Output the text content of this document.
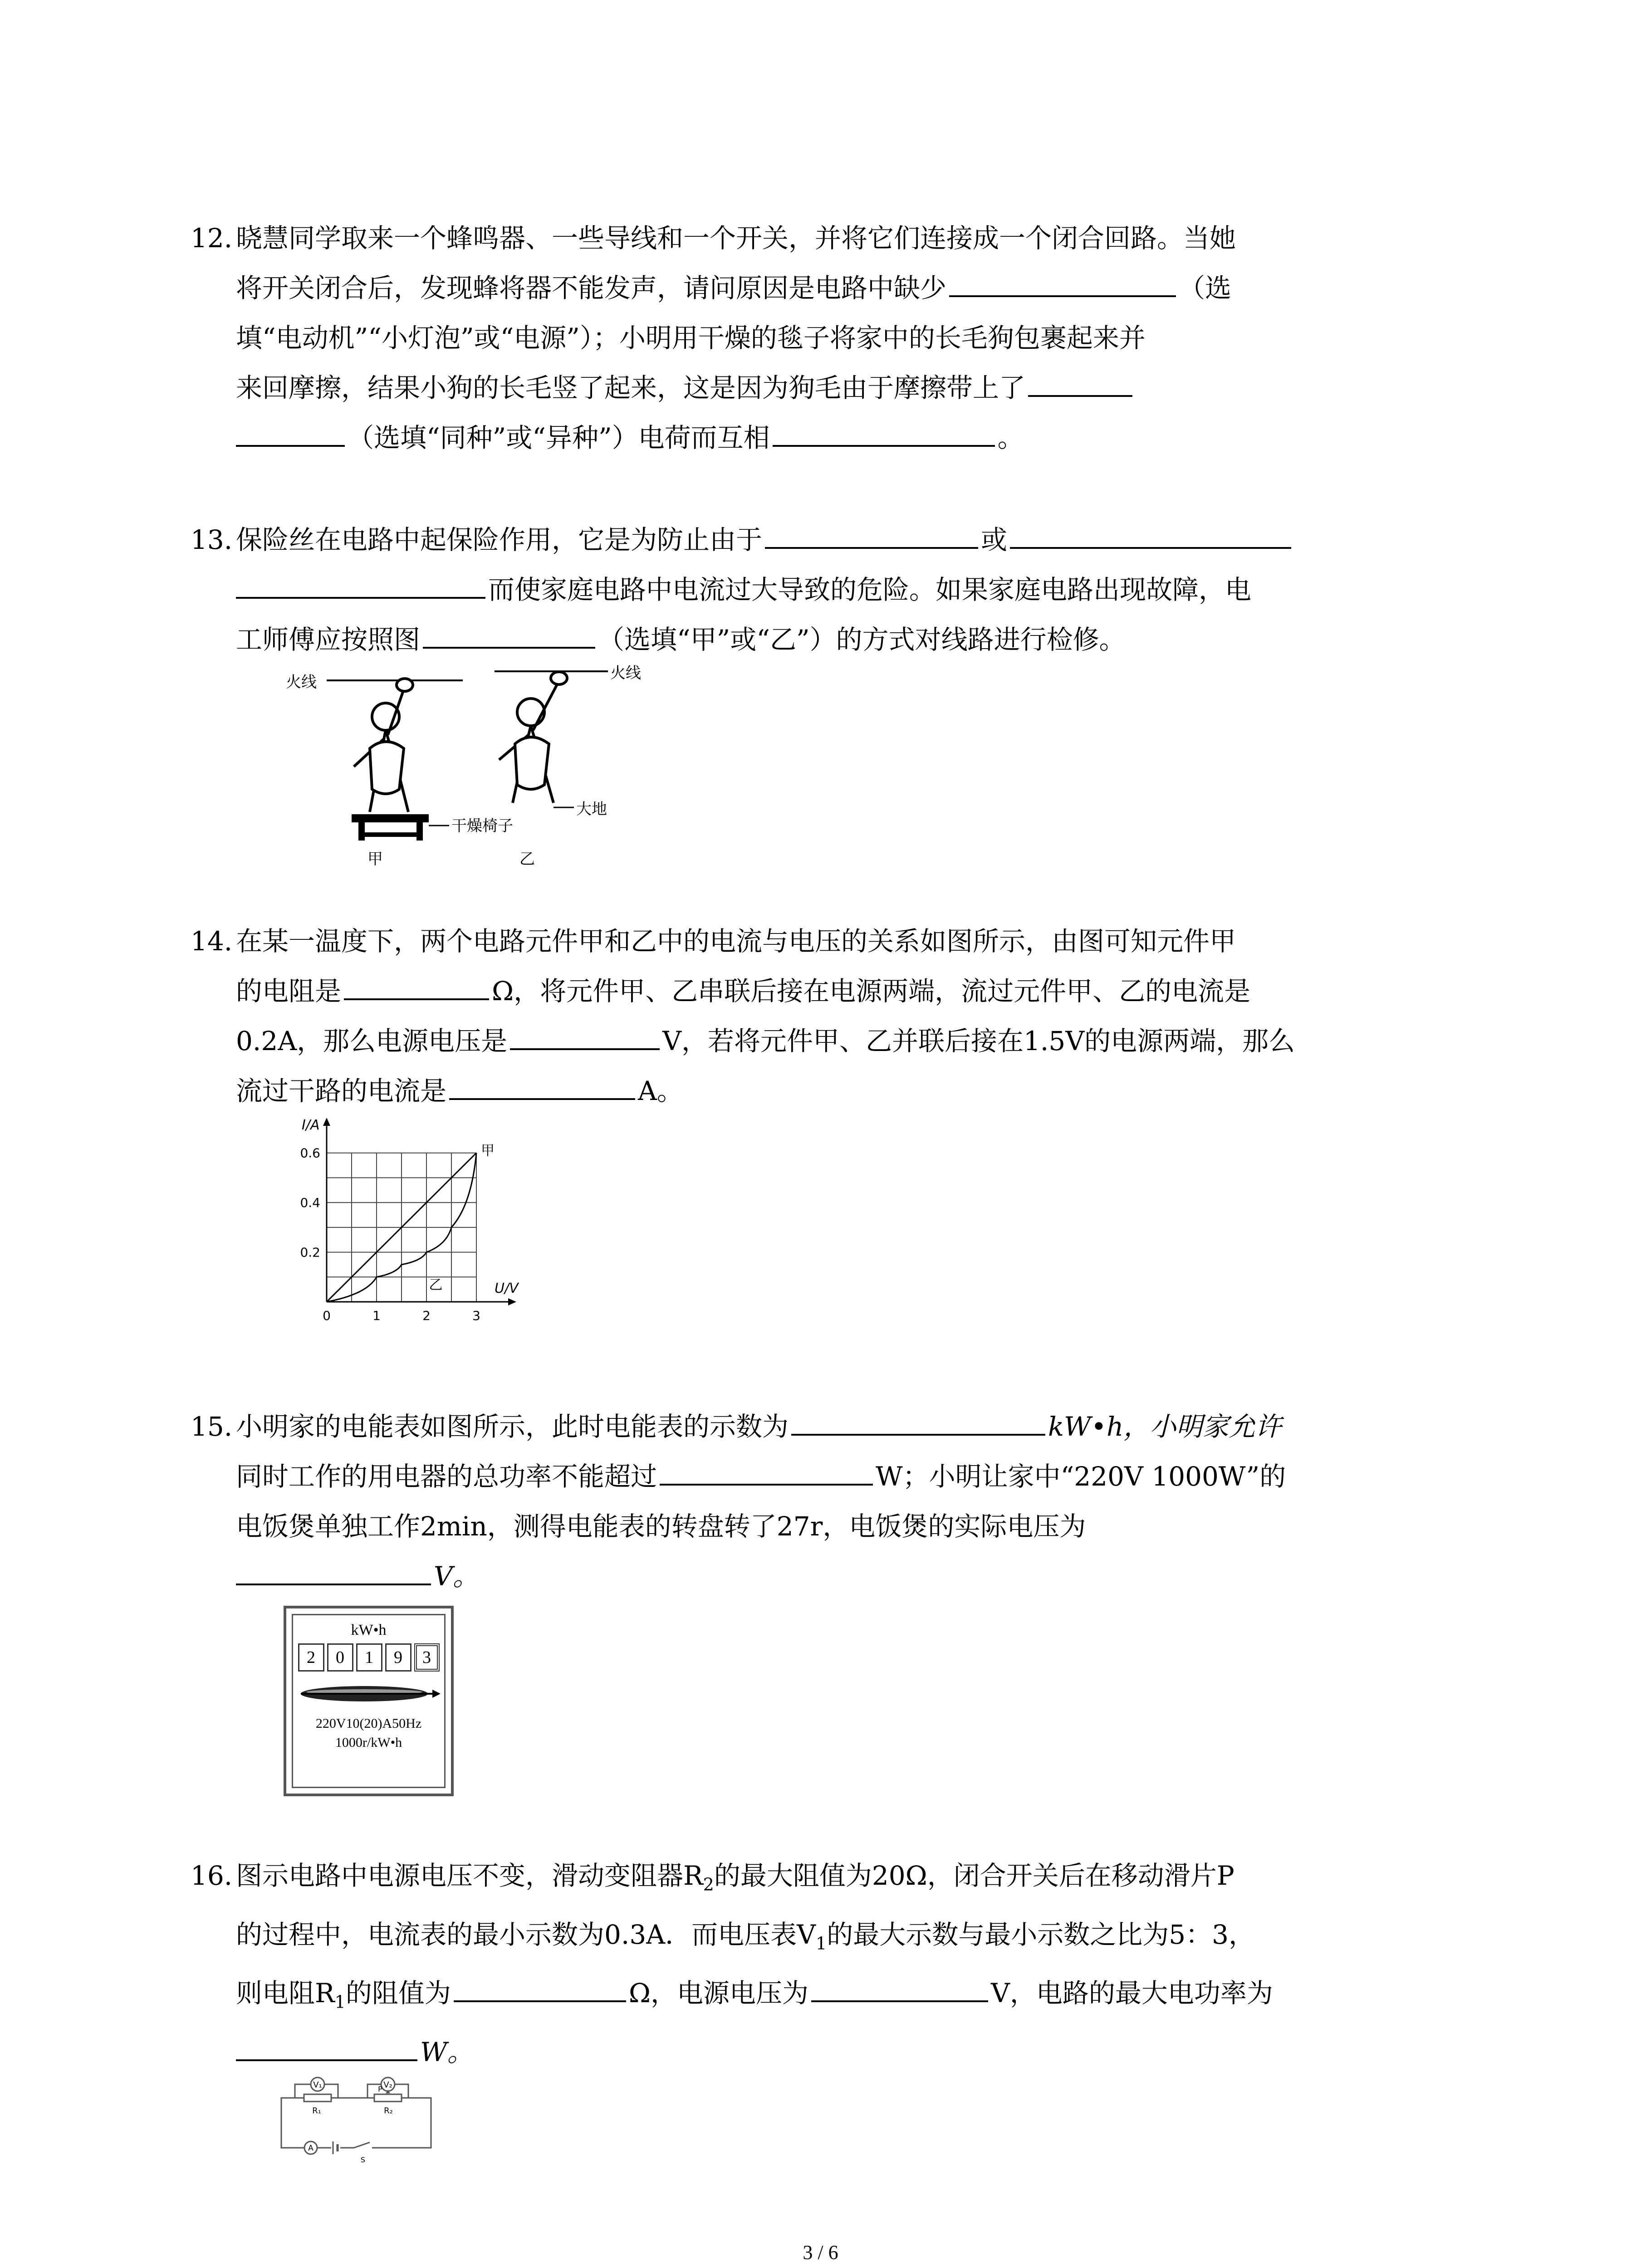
12. 晓慧同学取来一个蜂鸣器、一些导线和一个开关，并将它们连接成一个闭合回路。当她
将开关闭合后，发现蜂将器不能发声，请问原因是电路中缺少	（选
填“电动机”“小灯泡”或“电源”）；小明用干燥的毯子将家中的长毛狗包裹起来并
来回摩擦，结果小狗的长毛竖了起来，这是因为狗毛由于摩擦带上了
（选填“同种”或“异种”）电荷而互相	。
13. 保险丝在电路中起保险作用，它是为防止由于	或
而使家庭电路中电流过大导致的危险。如果家庭电路出现故障，电
工师傅应按照图	（选填“甲”或“乙”）的方式对线路进行检修。
火线
干燥椅子
甲
火线
大地
乙
14. 在某一温度下，两个电路元件甲和乙中的电流与电压的关系如图所示，由图可知元件甲
的电阻是	Ω，将元件甲、乙串联后接在电源两端，流过元件甲、乙的电流是
0.2A，那么电源电压是	V，若将元件甲、乙并联后接在1.5V的电源两端，那么
流过干路的电流是	A。
0	1	2	3
0.2
0.4
0.6
I/A
U/V
甲
乙
15. 小明家的电能表如图所示，此时电能表的示数为	kW•h，小明家允许
同时工作的用电器的总功率不能超过	W；小明让家中“220V 1000W”的
电饭煲单独工作2min，测得电能表的转盘转了27r，电饭煲的实际电压为
V。
kW•h
2	0	1	9	3
220V10(20)A50Hz
1000r/kW•h
16. 图示电路中电源电压不变，滑动变阻器$R_2$的最大阻值为20Ω，闭合开关后在移动滑片P
的过程中，电流表的最小示数为0.3A．而电压表$V_1$的最大示数与最小示数之比为5：3，
则电阻$R_1$的阻值为	Ω，电源电压为	V，电路的最大电功率为
W。
V₁	V₂
R₁	R₂
P
A
S
3 / 6
